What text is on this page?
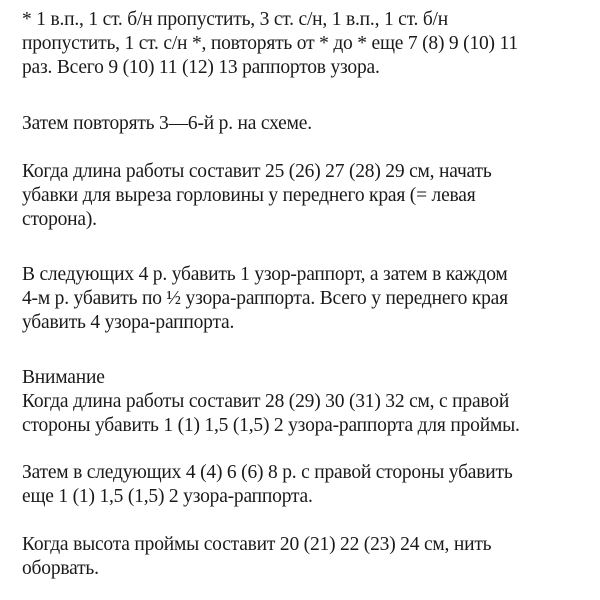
* 1 в.п., 1 ст. б/н пропустить, 3 ст. с/н, 1 в.п., 1 ст. б/н
пропустить, 1 ст. с/н *, повторять от * до * еще 7 (8) 9 (10) 11
раз. Всего 9 (10) 11 (12) 13 раппортов узора.

Затем повторять 3—6-й р. на схеме.

Когда длина работы составит 25 (26) 27 (28) 29 см, начать
убавки для выреза горловины у переднего края (= левая
сторона).

В следующих 4 р. убавить 1 узор-раппорт, а затем в каждом
4-м р. убавить по ½ узора-раппорта. Всего у переднего края
убавить 4 узора-раппорта.

Внимание
Когда длина работы составит 28 (29) 30 (31) 32 см, с правой
стороны убавить 1 (1) 1,5 (1,5) 2 узора-раппорта для проймы.

Затем в следующих 4 (4) 6 (6) 8 р. с правой стороны убавить
еще 1 (1) 1,5 (1,5) 2 узора-раппорта.

Когда высота проймы составит 20 (21) 22 (23) 24 см, нить
оборвать.
